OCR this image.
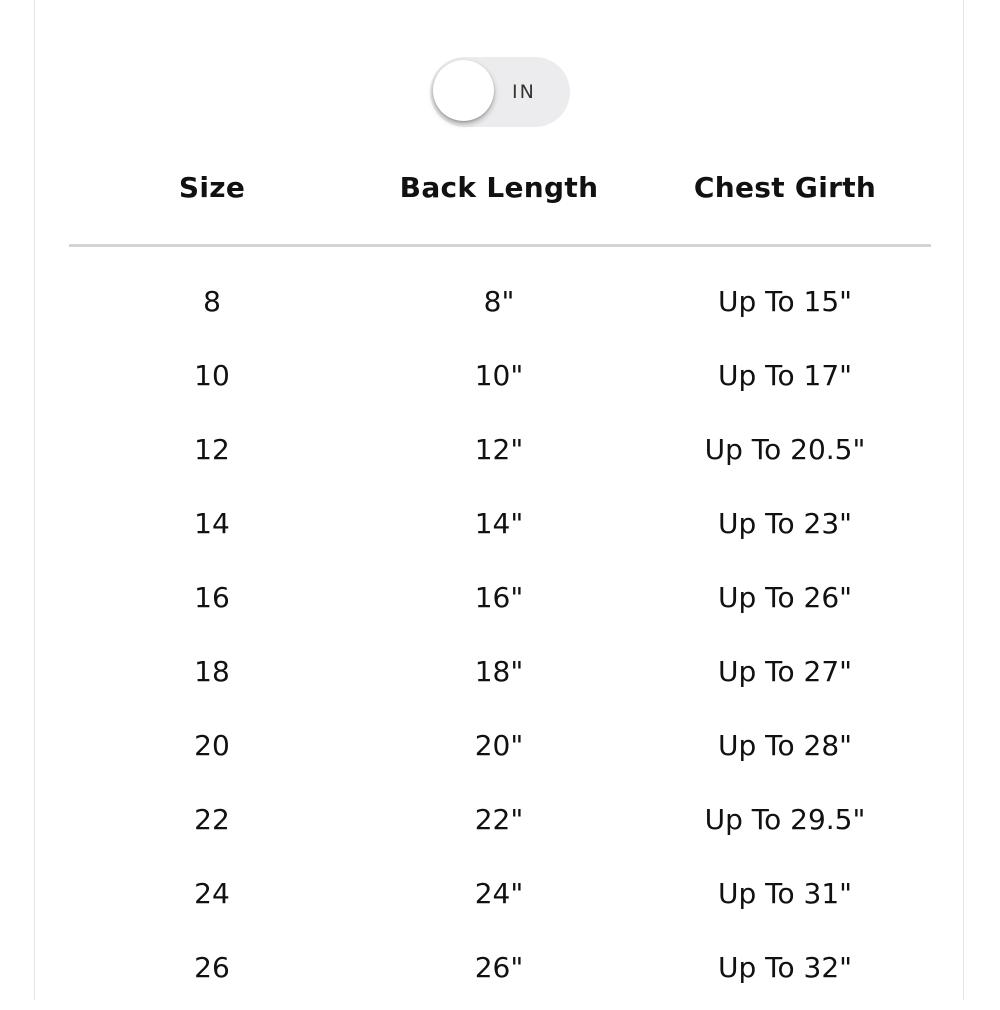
IN
Size	Back Length	Chest Girth
8	8"	Up To 15"
10	10"	Up To 17"
12	12"	Up To 20.5"
14	14"	Up To 23"
16	16"	Up To 26"
18	18"	Up To 27"
20	20"	Up To 28"
22	22"	Up To 29.5"
24	24"	Up To 31"
26	26"	Up To 32"
